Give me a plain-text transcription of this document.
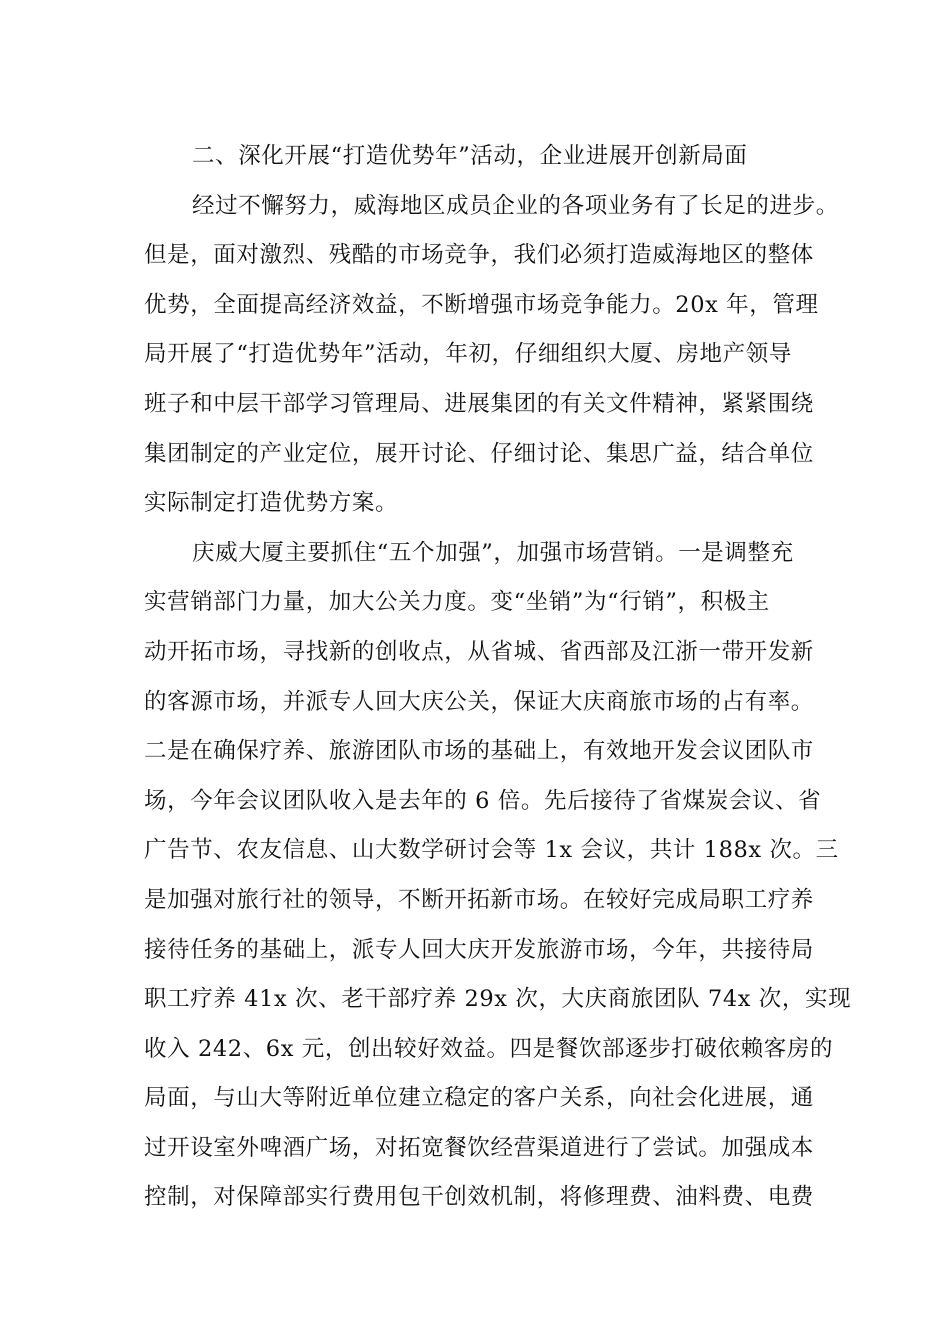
二、深化开展“打造优势年”活动，企业进展开创新局面
经过不懈努力，威海地区成员企业的各项业务有了长足的进步。
但是，面对激烈、残酷的市场竞争，我们必须打造威海地区的整体
优势，全面提高经济效益，不断增强市场竞争能力。20x 年，管理
局开展了“打造优势年”活动，年初，仔细组织大厦、房地产领导
班子和中层干部学习管理局、进展集团的有关文件精神，紧紧围绕
集团制定的产业定位，展开讨论、仔细讨论、集思广益，结合单位
实际制定打造优势方案。
庆威大厦主要抓住“五个加强”，加强市场营销。一是调整充
实营销部门力量，加大公关力度。变“坐销”为“行销”，积极主
动开拓市场，寻找新的创收点，从省城、省西部及江浙一带开发新
的客源市场，并派专人回大庆公关，保证大庆商旅市场的占有率。
二是在确保疗养、旅游团队市场的基础上，有效地开发会议团队市
场，今年会议团队收入是去年的 6 倍。先后接待了省煤炭会议、省
广告节、农友信息、山大数学研讨会等 1x 会议，共计 188x 次。三
是加强对旅行社的领导，不断开拓新市场。在较好完成局职工疗养
接待任务的基础上，派专人回大庆开发旅游市场，今年，共接待局
职工疗养 41x 次、老干部疗养 29x 次，大庆商旅团队 74x 次，实现
收入 242、6x 元，创出较好效益。四是餐饮部逐步打破依赖客房的
局面，与山大等附近单位建立稳定的客户关系，向社会化进展，通
过开设室外啤酒广场，对拓宽餐饮经营渠道进行了尝试。加强成本
控制，对保障部实行费用包干创效机制，将修理费、油料费、电费
